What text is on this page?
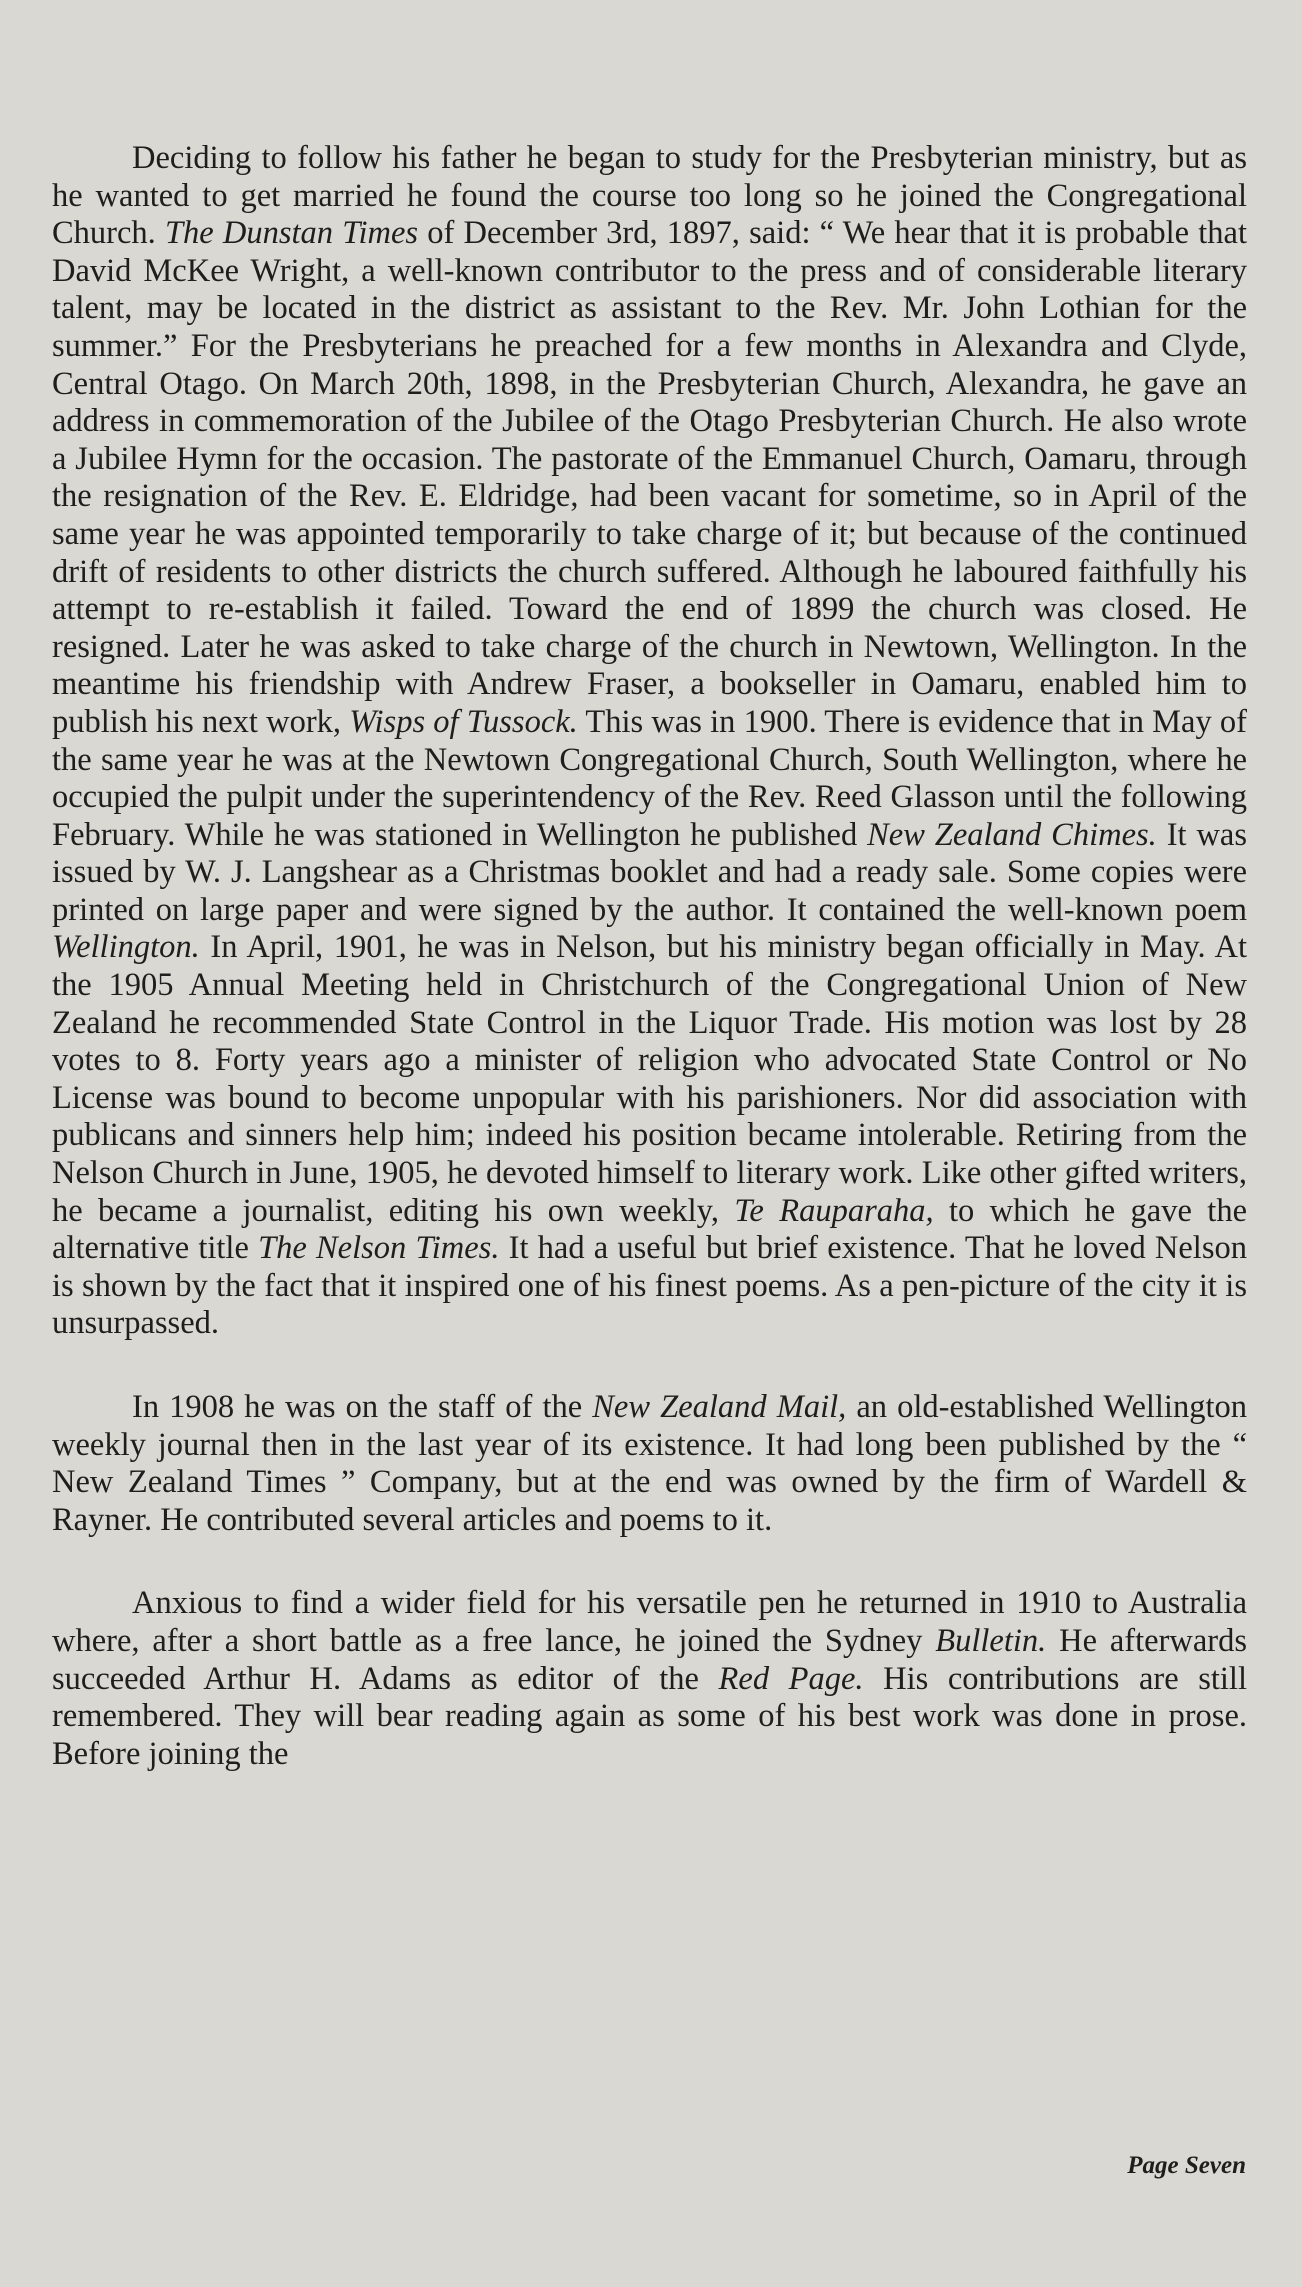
Deciding to follow his father he began to study for the Presbyterian ministry, but as he wanted to get married he found the course too long so he joined the Congregational Church. The Dunstan Times of December 3rd, 1897, said: “ We hear that it is probable that David McKee Wright, a well-known contributor to the press and of considerable literary talent, may be located in the district as assistant to the Rev. Mr. John Lothian for the summer.” For the Presbyterians he preached for a few months in Alexandra and Clyde, Central Otago. On March 20th, 1898, in the Presbyterian Church, Alexandra, he gave an address in commemoration of the Jubilee of the Otago Presbyterian Church. He also wrote a Jubilee Hymn for the occasion. The pastorate of the Emmanuel Church, Oamaru, through the resignation of the Rev. E. Eldridge, had been vacant for sometime, so in April of the same year he was appointed temporarily to take charge of it; but because of the continued drift of residents to other districts the church suffered. Although he laboured faithfully his attempt to re-establish it failed. Toward the end of 1899 the church was closed. He resigned. Later he was asked to take charge of the church in Newtown, Wellington. In the meantime his friendship with Andrew Fraser, a bookseller in Oamaru, enabled him to publish his next work, Wisps of Tussock. This was in 1900. There is evidence that in May of the same year he was at the Newtown Congregational Church, South Wellington, where he occupied the pulpit under the superintendency of the Rev. Reed Glasson until the following February. While he was stationed in Wellington he published New Zealand Chimes. It was issued by W. J. Langshear as a Christmas booklet and had a ready sale. Some copies were printed on large paper and were signed by the author. It contained the well-known poem Wellington. In April, 1901, he was in Nelson, but his ministry began officially in May. At the 1905 Annual Meeting held in Christchurch of the Congregational Union of New Zealand he recommended State Control in the Liquor Trade. His motion was lost by 28 votes to 8. Forty years ago a minister of religion who advocated State Control or No License was bound to become unpopular with his parishioners. Nor did association with publicans and sinners help him; indeed his position became intolerable. Retiring from the Nelson Church in June, 1905, he devoted himself to literary work. Like other gifted writers, he became a journalist, editing his own weekly, Te Rauparaha, to which he gave the alternative title The Nelson Times. It had a useful but brief existence. That he loved Nelson is shown by the fact that it inspired one of his finest poems. As a pen-picture of the city it is unsurpassed.

In 1908 he was on the staff of the New Zealand Mail, an old-established Wellington weekly journal then in the last year of its existence. It had long been published by the “ New Zealand Times ” Company, but at the end was owned by the firm of Wardell & Rayner. He contributed several articles and poems to it.

Anxious to find a wider field for his versatile pen he returned in 1910 to Australia where, after a short battle as a free lance, he joined the Sydney Bulletin. He afterwards succeeded Arthur H. Adams as editor of the Red Page. His contributions are still remembered. They will bear reading again as some of his best work was done in prose. Before joining the

Page Seven
